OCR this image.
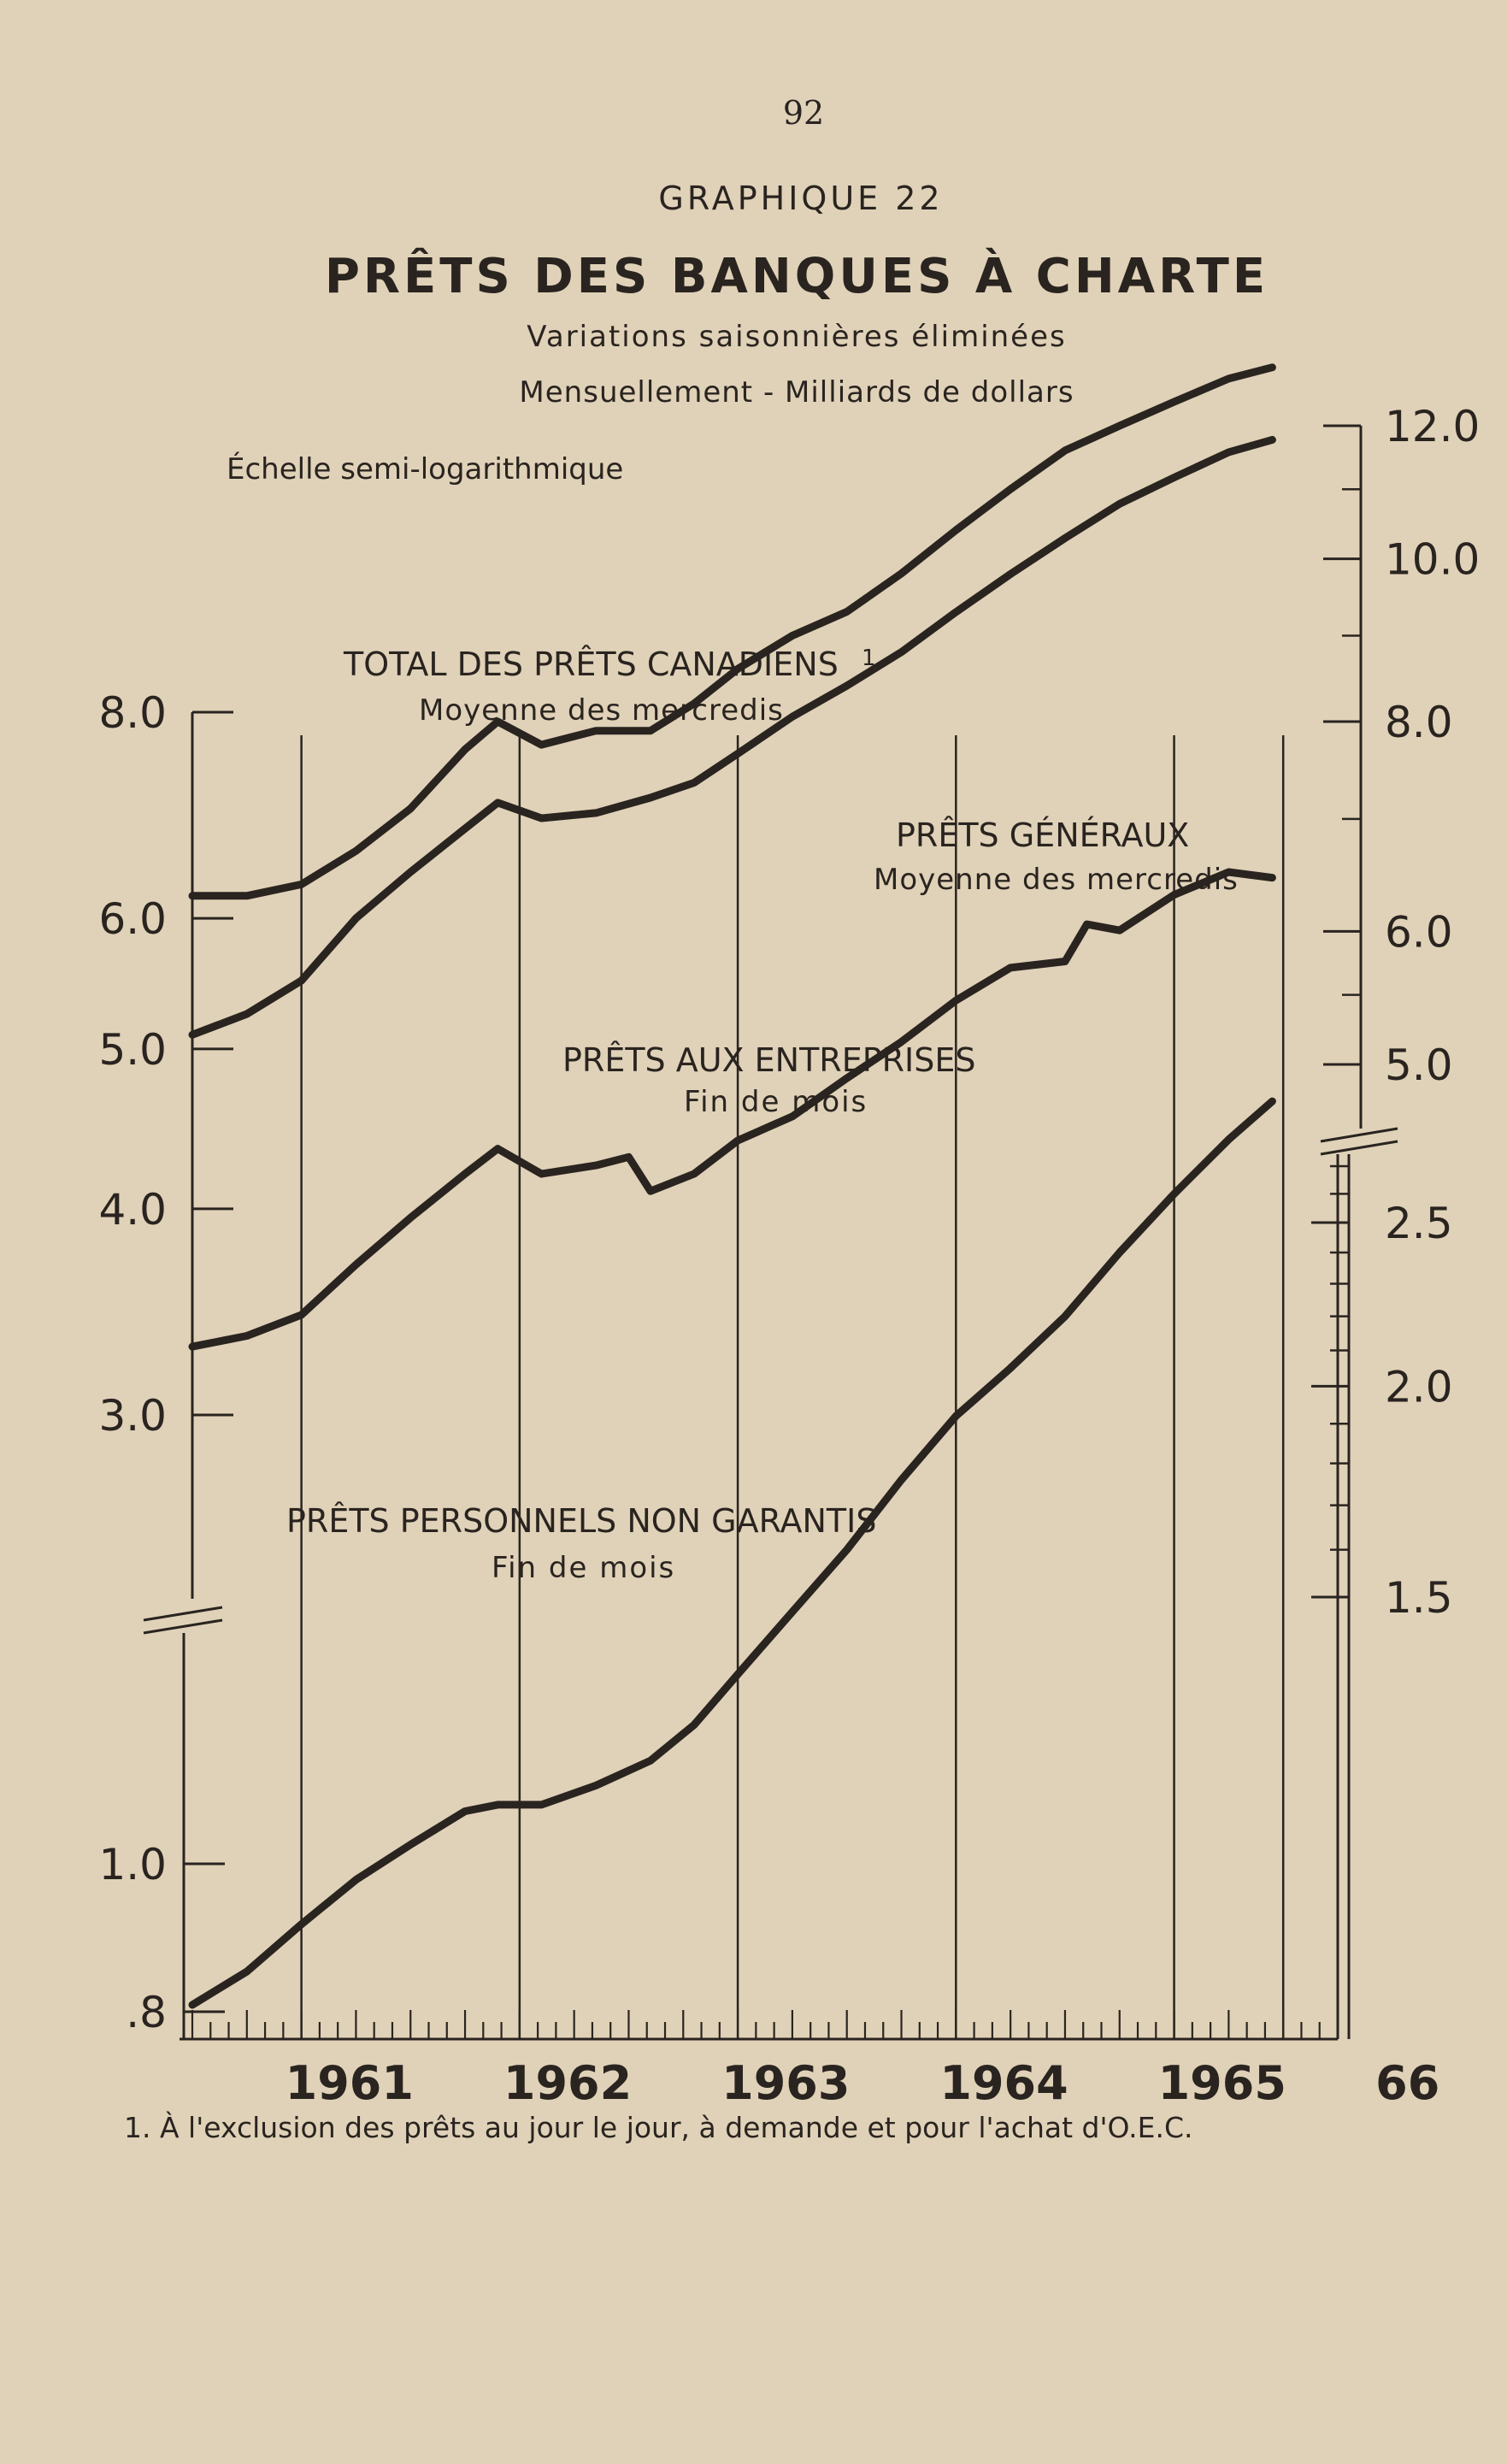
92
GRAPHIQUE 22
PRÊTS DES BANQUES À CHARTE
Variations saisonnières éliminées
Mensuellement - Milliards de dollars
Échelle semi-logarithmique
8.0
6.0
5.0
4.0
3.0
1.0
.8
12.0
10.0
8.0
6.0
5.0
2.5
2.0
1.5
TOTAL DES PRÊTS CANADIENS 1
Moyenne des mercredis
PRÊTS GÉNÉRAUX
Moyenne des mercredis
PRÊTS AUX ENTREPRISES
Fin de mois
PRÊTS PERSONNELS NON GARANTIS
Fin de mois
1961 1962 1963 1964 1965 66
1. À l'exclusion des prêts au jour le jour, à demande et pour l'achat d'O.E.C.
